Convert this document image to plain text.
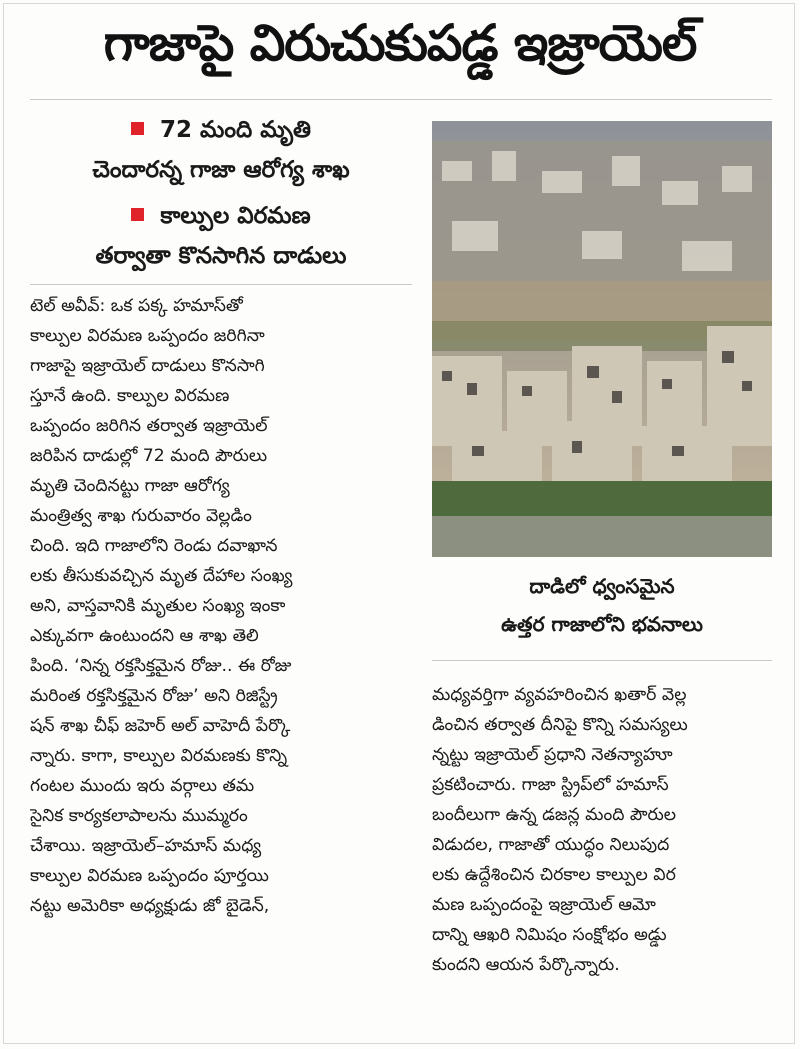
గాజాపై విరుచుకుపడ్డ ఇజ్రాయెల్
72 మంది మృతి
చెందారన్న గాజా ఆరోగ్య శాఖ
కాల్పుల విరమణ
తర్వాతా కొనసాగిన దాడులు
టెల్ అవీవ్: ఒక పక్క హమాస్‌తో
కాల్పుల విరమణ ఒప్పందం జరిగినా
గాజాపై ఇజ్రాయెల్ దాడులు కొనసాగి
స్తూనే ఉంది. కాల్పుల విరమణ
ఒప్పందం జరిగిన తర్వాత ఇజ్రాయెల్
జరిపిన దాడుల్లో 72 మంది పౌరులు
మృతి చెందినట్టు గాజా ఆరోగ్య
మంత్రిత్వ శాఖ గురువారం వెల్లడిం
చింది. ఇది గాజాలోని రెండు దవాఖాన
లకు తీసుకువచ్చిన మృత దేహాల సంఖ్య
అని, వాస్తవానికి మృతుల సంఖ్య ఇంకా
ఎక్కువగా ఉంటుందని ఆ శాఖ తెలి
పింది. ‘నిన్న రక్తసిక్తమైన రోజు.. ఈ రోజు
మరింత రక్తసిక్తమైన రోజు’ అని రిజిస్ట్రే
షన్ శాఖ చీఫ్ జహెర్ అల్ వాహెదీ పేర్కొ
న్నారు. కాగా, కాల్పుల విరమణకు కొన్ని
గంటల ముందు ఇరు వర్గాలు తమ
సైనిక కార్యకలాపాలను ముమ్మరం
చేశాయి. ఇజ్రాయెల్–హమాస్ మధ్య
కాల్పుల విరమణ ఒప్పందం పూర్తయి
నట్టు అమెరికా అధ్యక్షుడు జో బైడెన్,
దాడిలో ధ్వంసమైన
ఉత్తర గాజాలోని భవనాలు
మధ్యవర్తిగా వ్యవహరించిన ఖతార్ వెల్ల
డించిన తర్వాత దీనిపై కొన్ని సమస్యలు
న్నట్టు ఇజ్రాయెల్ ప్రధాని నెతన్యాహూ
ప్రకటించారు. గాజా స్ట్రిప్‌లో హమాస్
బందీలుగా ఉన్న డజన్ల మంది పౌరుల
విడుదల, గాజాతో యుద్ధం నిలుపుద
లకు ఉద్దేశించిన చిరకాల కాల్పుల విర
మణ ఒప్పందంపై ఇజ్రాయెల్ ఆమో
దాన్ని ఆఖరి నిమిషం సంక్షోభం అడ్డు
కుందని ఆయన పేర్కొన్నారు.
